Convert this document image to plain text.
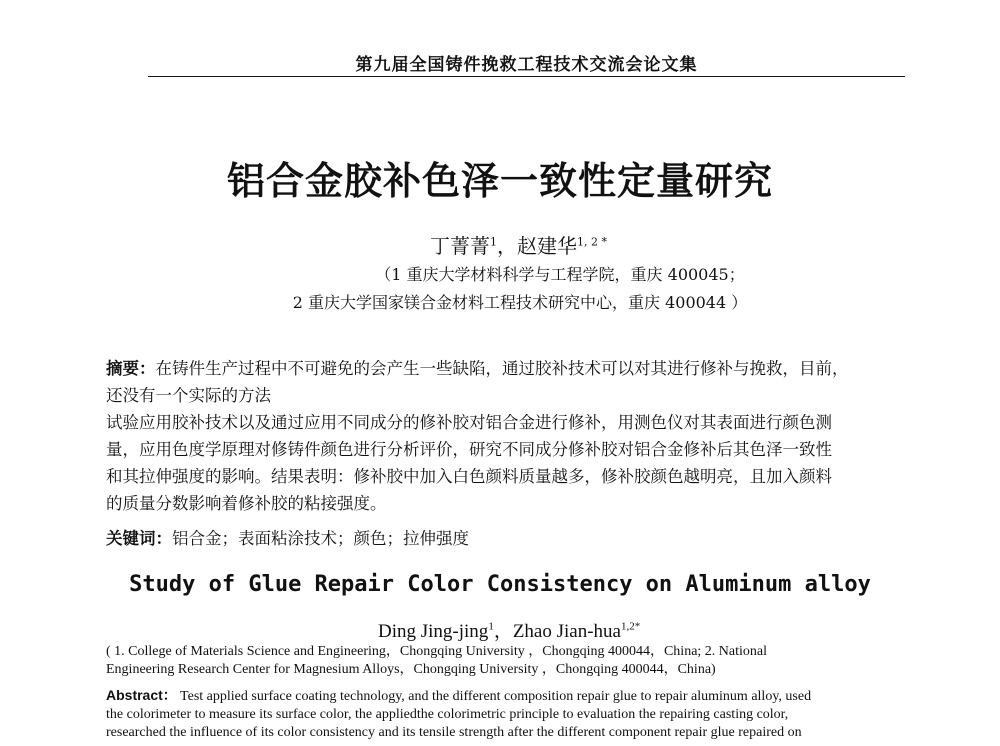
第九届全国铸件挽救工程技术交流会论文集
铝合金胶补色泽一致性定量研究
丁菁菁$^1$，赵建华$^{1, 2 *}$
（1 重庆大学材料科学与工程学院，重庆 400045；
2 重庆大学国家镁合金材料工程技术研究中心，重庆 400044 ）
摘要：在铸件生产过程中不可避免的会产生一些缺陷，通过胶补技术可以对其进行修补与挽救，目前，
还没有一个实际的方法
试验应用胶补技术以及通过应用不同成分的修补胶对铝合金进行修补，用测色仪对其表面进行颜色测
量，应用色度学原理对修铸件颜色进行分析评价，研究不同成分修补胶对铝合金修补后其色泽一致性
和其拉伸强度的影响。结果表明：修补胶中加入白色颜料质量越多，修补胶颜色越明亮，且加入颜料
的质量分数影响着修补胶的粘接强度。
关键词：铝合金；表面粘涂技术；颜色；拉伸强度
Study of Glue Repair Color Consistency on Aluminum alloy
Ding Jing-jing$^1$，Zhao Jian-hua$^{1,2*}$
( 1. College of Materials Science and Engineering，Chongqing University ，Chongqing 400044，China; 2. National
Engineering Research Center for Magnesium Alloys，Chongqing University ，Chongqing 400044，China)
Abstract： Test applied surface coating technology, and the different composition repair glue to repair aluminum alloy, used
the colorimeter to measure its surface color, the appliedthe colorimetric principle to evaluation the repairing casting color,
researched the influence of its color consistency and its tensile strength after the different component repair glue repaired on
